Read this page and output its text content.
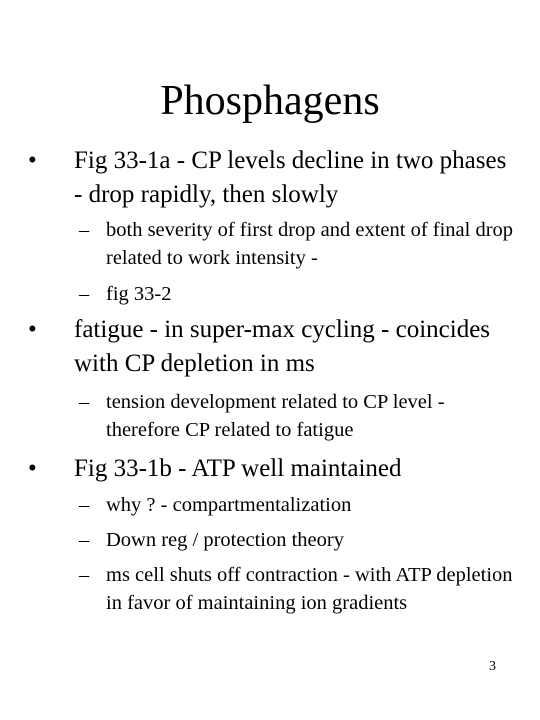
Phosphagens
• Fig 33-1a - CP levels decline in two phases - drop rapidly, then slowly
– both severity of first drop and extent of final drop related to work intensity -
– fig 33-2
• fatigue - in super-max cycling - coincides with CP depletion in ms
– tension development related to CP level - therefore CP related to fatigue
• Fig 33-1b - ATP well maintained
– why ? - compartmentalization
– Down reg / protection theory
– ms cell shuts off contraction - with ATP depletion in favor of maintaining ion gradients
3
